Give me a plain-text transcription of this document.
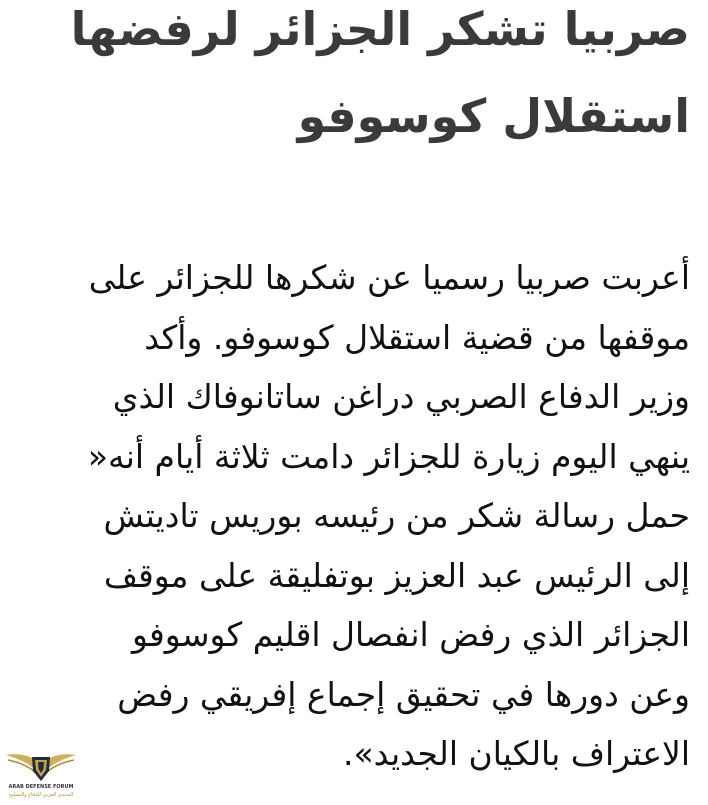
صربيا تشكر الجزائر لرفضها
استقلال كوسوفو
أعربت صربيا رسميا عن شكرها للجزائر على
موقفها من قضية استقلال كوسوفو. وأكد
وزير الدفاع الصربي دراغن ساتانوفاك الذي
ينهي اليوم زيارة للجزائر دامت ثلاثة أيام أنه«
حمل رسالة شكر من رئيسه بوريس تاديتش
إلى الرئيس عبد العزيز بوتفليقة على موقف
الجزائر الذي رفض انفصال اقليم كوسوفو
وعن دورها في تحقيق إجماع إفريقي رفض
الاعتراف بالكيان الجديد».
ARAB DEFENSE FORUM
المنتدى العربي للدفاع والتسليح
